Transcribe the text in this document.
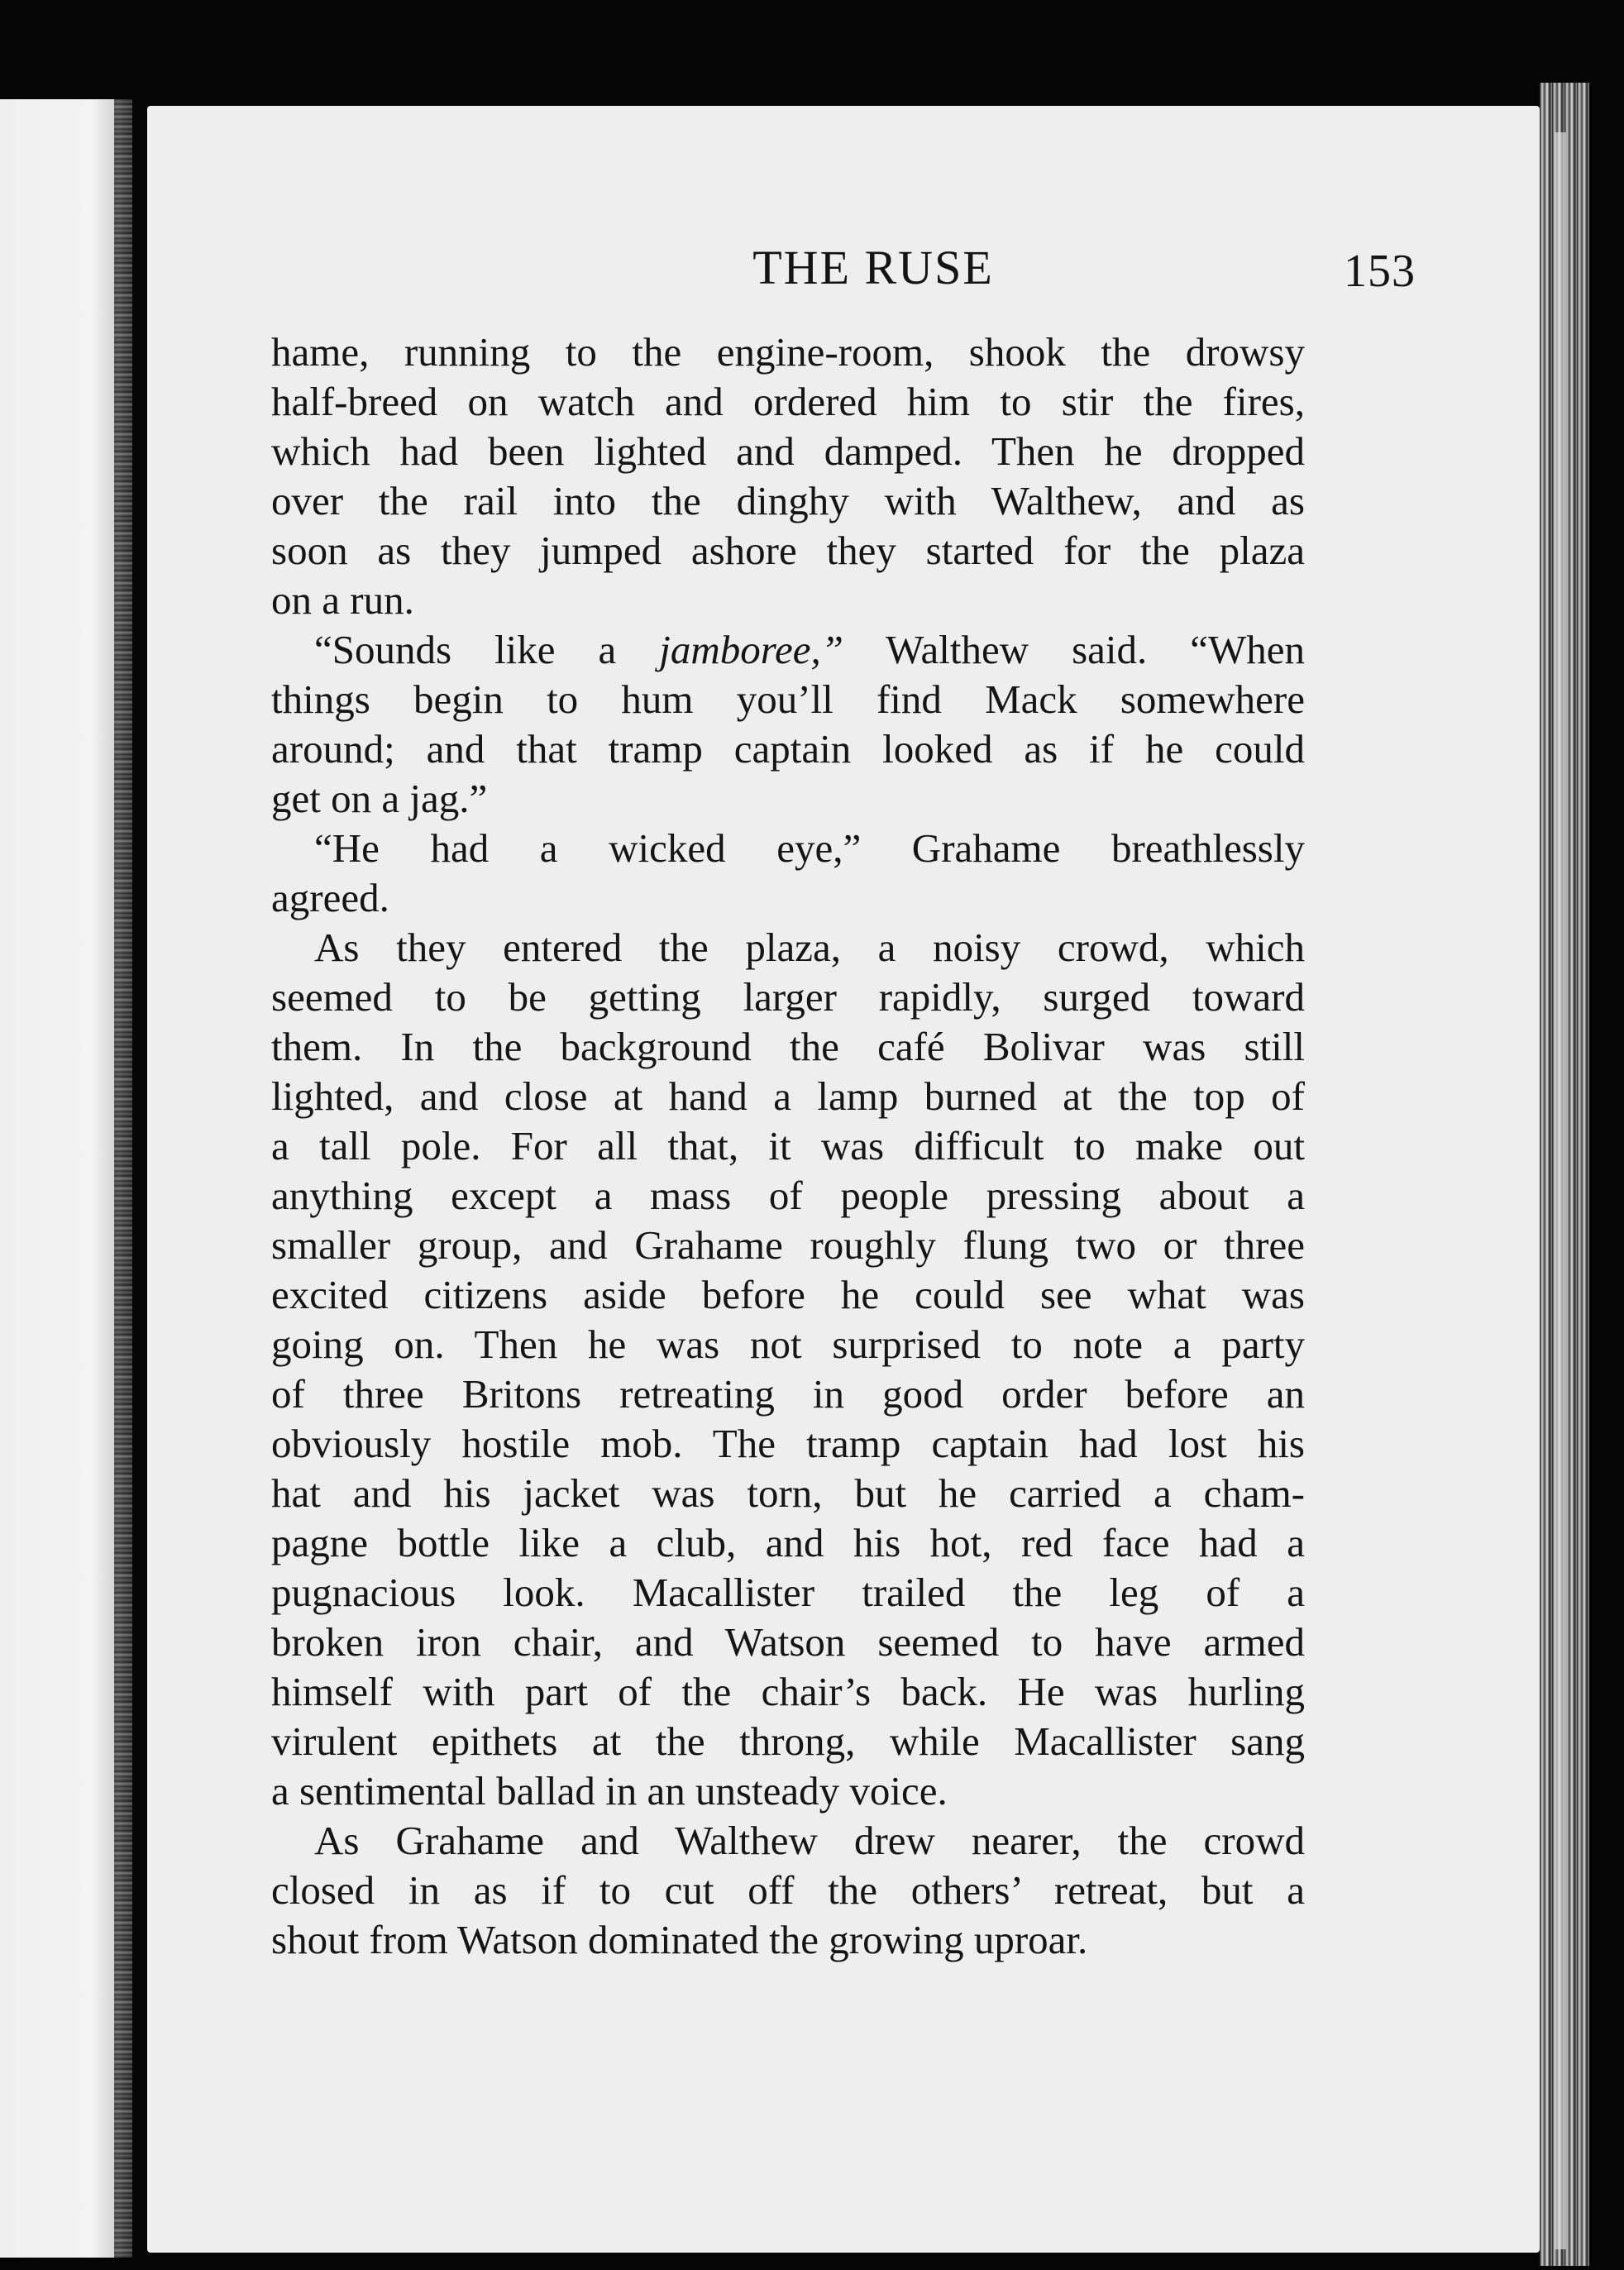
THE RUSE	153
hame, running to the engine-room, shook the drowsy
half-breed on watch and ordered him to stir the fires,
which had been lighted and damped. Then he dropped
over the rail into the dinghy with Walthew, and as
soon as they jumped ashore they started for the plaza
on a run.
“Sounds like a jamboree,” Walthew said. “When
things begin to hum you’ll find Mack somewhere
around; and that tramp captain looked as if he could
get on a jag.”
“He had a wicked eye,” Grahame breathlessly
agreed.
As they entered the plaza, a noisy crowd, which
seemed to be getting larger rapidly, surged toward
them. In the background the café Bolivar was still
lighted, and close at hand a lamp burned at the top of
a tall pole. For all that, it was difficult to make out
anything except a mass of people pressing about a
smaller group, and Grahame roughly flung two or three
excited citizens aside before he could see what was
going on. Then he was not surprised to note a party
of three Britons retreating in good order before an
obviously hostile mob. The tramp captain had lost his
hat and his jacket was torn, but he carried a cham-
pagne bottle like a club, and his hot, red face had a
pugnacious look. Macallister trailed the leg of a
broken iron chair, and Watson seemed to have armed
himself with part of the chair’s back. He was hurling
virulent epithets at the throng, while Macallister sang
a sentimental ballad in an unsteady voice.
As Grahame and Walthew drew nearer, the crowd
closed in as if to cut off the others’ retreat, but a
shout from Watson dominated the growing uproar.
